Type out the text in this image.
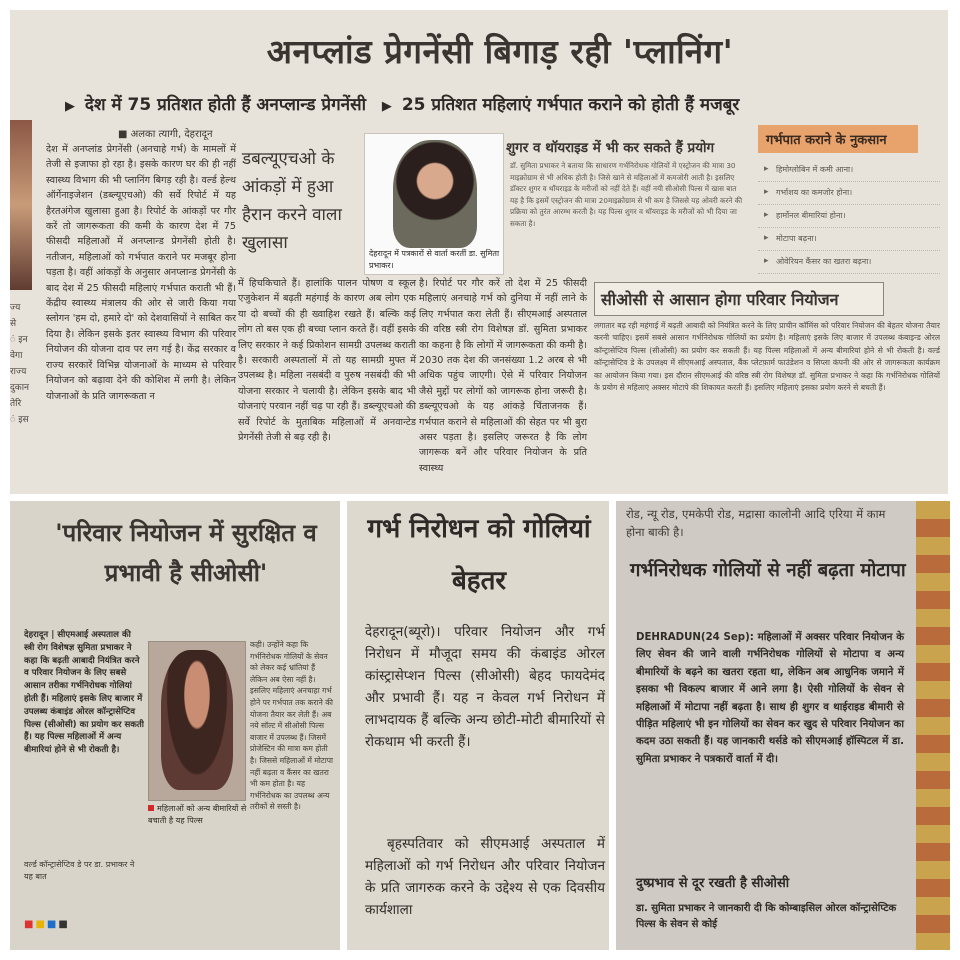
ज्य
से
ं इन
वेगा
राज्य
दुकान
तेरि
ं इस
अनप्लांड प्रेगनेंसी बिगाड़ रही 'प्लानिंग'
▶ देश में 75 प्रतिशत होती हैं अनप्लान्ड प्रेगनेंसी ▶ 25 प्रतिशत महिलाएं गर्भपात कराने को होती हैं मजबूर
■ अलका त्यागी, देहरादून
देश में अनप्लांड प्रेगनेंसी (अनचाहे गर्भ) के मामलों में तेजी से इजाफा हो रहा है। इसके कारण घर की ही नहीं स्वास्थ्य विभाग की भी प्लानिंग बिगड़ रही है। वर्ल्ड हेल्थ ऑर्गेनाइजेशन (डब्ल्यूएचओ) की सर्वे रिपोर्ट में यह हैरतअंगेज खुलासा हुआ है। रिपोर्ट के आंकड़ों पर गौर करें तो जागरूकता की कमी के कारण देश में 75 फीसदी महिलाओं में अनप्लान्ड प्रेगनेंसी होती है। नतीजन, महिलाओं को गर्भपात कराने पर मजबूर होना पड़ता है। वहीं आंकड़ों के अनुसार अनप्लान्ड प्रेगनेंसी के बाद देश में 25 फीसदी महिलाएं गर्भपात कराती भी हैं। केंद्रीय स्वास्थ्य मंत्रालय की ओर से जारी किया गया स्लोगन 'हम दो, हमारे दो' को देशवासियों ने साबित कर दिया है। लेकिन इसके इतर स्वास्थ्य विभाग की परिवार नियोजन की योजना दाव पर लग गई है। केंद्र सरकार व राज्य सरकारें विभिन्न योजनाओं के माध्यम से परिवार नियोजन को बढ़ावा देने की कोशिश में लगी है। लेकिन योजनाओं के प्रति जागरूकता न
डबल्यूएचओ के आंकड़ों में हुआ हैरान करने वाला खुलासा
देहरादून में पत्रकारों से वार्ता करतीं डा. सुमिता प्रभाकर।
शुगर व थॉयराइड में भी कर सकते हैं प्रयोग
डॉ. सुमिता प्रभाकर ने बताया कि साधारण गर्भनिरोधक गोलियों में एस्ट्रोजन की मात्रा 30 माइक्रोग्राम से भी अधिक होती है। जिसे खाने से महिलाओं में कमजोरी आती है। इसलिए डॉक्टर शुगर व थॉयराइड के मरीजों को नहीं देते हैं। वहीं नयी सीओसी पिल्स में खास बात यह है कि इसमें एस्ट्रोजन की मात्रा 20माइक्रोग्राम से भी कम है जिससे यह ओवरी करने की प्रक्रिया को तुरंत आरम्भ करती है। यह पिल्स शुगर व थॉयराइड के मरीजों को भी दिया जा सकता है।
गर्भपात कराने के नुकसान
▸ हिमोग्लोबिन में कमी आना।
▸ गर्भाशय का कमजोर होना।
▸ हार्मोनल बीमारियां होना।
▸ मोटापा बढ़ना।
▸ ओवेरियन कैंसर का खतरा बढ़ना।
में हिचकिचाते हैं। हालांकि पालन पोषण व स्कूल एजुकेशन में बढ़ती महंगाई के कारण अब लोग एक या दो बच्चों की ही ख्वाहिश रखते हैं। बल्कि कई लोग तो बस एक ही बच्चा प्लान करते हैं। वहीं इसके लिए सरकार ने कई प्रिकोशन सामग्री उपलब्ध कराती है। सरकारी अस्पतालों में तो यह सामग्री मुफ्त में उपलब्ध है। महिला नसबंदी व पुरुष नसबंदी की भी योजना सरकार ने चलायी है। लेकिन इसके बाद भी योजनाएं परवान नहीं चढ़ पा रही हैं। डब्ल्यूएचओ की सर्वे रिपोर्ट के मुताबिक महिलाओं में अनवान्टेड प्रेगनेंसी तेजी से बढ़ रही है।
है। रिपोर्ट पर गौर करें तो देश में 25 फीसदी महिलाएं अनचाहे गर्भ को दुनिया में नहीं लाने के लिए गर्भपात करा लेती हैं। सीएमआई अस्पताल की वरिष्ठ स्त्री रोग विशेषज्ञ डॉ. सुमिता प्रभाकर का कहना है कि लोगों में जागरूकता की कमी है। 2030 तक देश की जनसंख्या 1.2 अरब से भी अधिक पहुंच जाएगी। ऐसे में परिवार नियोजन जैसे मुद्दों पर लोगों को जागरूक होना जरूरी है। डब्ल्यूएचओ के यह आंकड़े चिंताजनक हैं। गर्भपात कराने से महिलाओं की सेहत पर भी बुरा असर पड़ता है। इसलिए जरूरत है कि लोग जागरूक बनें और परिवार नियोजन के प्रति स्वास्थ्य
सीओसी से आसान होगा परिवार नियोजन
लगातार बढ़ रही महंगाई में बढ़ती आबादी को नियंत्रित करने के लिए प्राचीन कॉमिंस को परिवार नियोजन की बेहतर योजना तैयार करनी चाहिए। इसमें सबसे आसान गर्भनिरोधक गोलियों का प्रयोग है। महिलाएं इसके लिए बाजार में उपलब्ध कंबाइन्ड ओरल कॉन्ट्रासेप्टिव पिल्स (सीओसी) का प्रयोग कर सकती हैं। यह पिल्स महिलाओं में अन्य बीमारियां होने से भी रोकती है। वर्ल्ड कॉन्ट्रासेप्टिव डे के उपलक्ष्य में सीएमआई अस्पताल, बैंक प्लेटफ़ार्म फाउंडेशन व सिप्ला कंपनी की ओर से जागरूकता कार्यक्रम का आयोजन किया गया। इस दौरान सीएमआई की वरिष्ठ स्त्री रोग विशेषज्ञ डॉ. सुमिता प्रभाकर ने कहा कि गर्भनिरोधक गोलियों के प्रयोग से महिलाएं अक्सर मोटापे की शिकायत करती हैं। इसलिए महिलाएं इसका प्रयोग करने से बचती हैं।
'परिवार नियोजन में सुरक्षित व प्रभावी है सीओसी'
देहरादून | सीएमआई अस्पताल की स्त्री रोग विशेषज्ञ सुमिता प्रभाकर ने कहा कि बढ़ती आबादी नियंत्रित करने व परिवार नियोजन के लिए सबसे आसान तरीका गर्भनिरोधक गोलियां होती हैं। महिलाएं इसके लिए बाजार में उपलब्ध कंबाइंड ओरल कॉन्ट्रासेप्टिव पिल्स (सीओसी) का प्रयोग कर सकती हैं। यह पिल्स महिलाओं में अन्य बीमारियां होने से भी रोकती है।
महिलाओं को अन्य बीमारियों से बचाती है यह पिल्स
कही। उन्होंने कहा कि गर्भनिरोधक गोलियों के सेवन को लेकर कई भ्रांतियां हैं लेकिन अब ऐसा नहीं है। इसलिए महिलाएं अनचाहा गर्भ होने पर गर्भपात तक कराने की योजना तैयार कर लेती हैं। अब नये सॉल्ट में सीओसी पिल्स बाजार में उपलब्ध हैं। जिसमें प्रोजेस्टिन की मात्रा कम होती है। जिससे महिलाओं में मोटापा नहीं बढ़ता व कैंसर का खतरा भी कम होता है। यह गर्भनिरोधक का उपलब्ध अन्य तरीकों से सस्ती है।
वर्ल्ड कॉन्ट्रासेप्टिव डे पर डा. प्रभाकर ने यह बात
■■■■
गर्भ निरोधन को गोलियां बेहतर
देहरादून(ब्यूरो)। परिवार नियोजन और गर्भ निरोधन में मौजूदा समय की कंबाइंड ओरल कांस्ट्रासेप्शन पिल्स (सीओसी) बेहद फायदेमंद और प्रभावी हैं। यह न केवल गर्भ निरोधन में लाभदायक हैं बल्कि अन्य छोटी-मोटी बीमारियों से रोकथाम भी करती हैं।
बृहस्पतिवार को सीएमआई अस्पताल में महिलाओं को गर्भ निरोधन और परिवार नियोजन के प्रति जागरुक करने के उद्देश्य से एक दिवसीय कार्यशाला
रोड, न्यू रोड, एमकेपी रोड, मद्रासा कालोनी आदि एरिया में काम होना बाकी है।
गर्भनिरोधक गोलियों से नहीं बढ़ता मोटापा
DEHRADUN(24 Sep): महिलाओं में अक्सर परिवार नियोजन के लिए सेवन की जाने वाली गर्भनिरोधक गोलियों से मोटापा व अन्य बीमारियों के बढ़ने का खतरा रहता था, लेकिन अब आधुनिक जमाने में इसका भी विकल्प बाजार में आने लगा है। ऐसी गोलियों के सेवन से महिलाओं में मोटापा नहीं बढ़ता है। साथ ही शुगर व थाईराइड बीमारी से पीड़ित महिलाएं भी इन गोलियों का सेवन कर खुद से परिवार नियोजन का कदम उठा सकती हैं। यह जानकारी थर्सडे को सीएमआई हॉस्पिटल में डा. सुमिता प्रभाकर ने पत्रकारों वार्ता में दी।
दुष्प्रभाव से दूर रखती है सीओसी
डा. सुमिता प्रभाकर ने जानकारी दी कि कोम्बाइसिल ओरल कॉन्ट्रासेप्टिक पिल्स के सेवन से कोई
